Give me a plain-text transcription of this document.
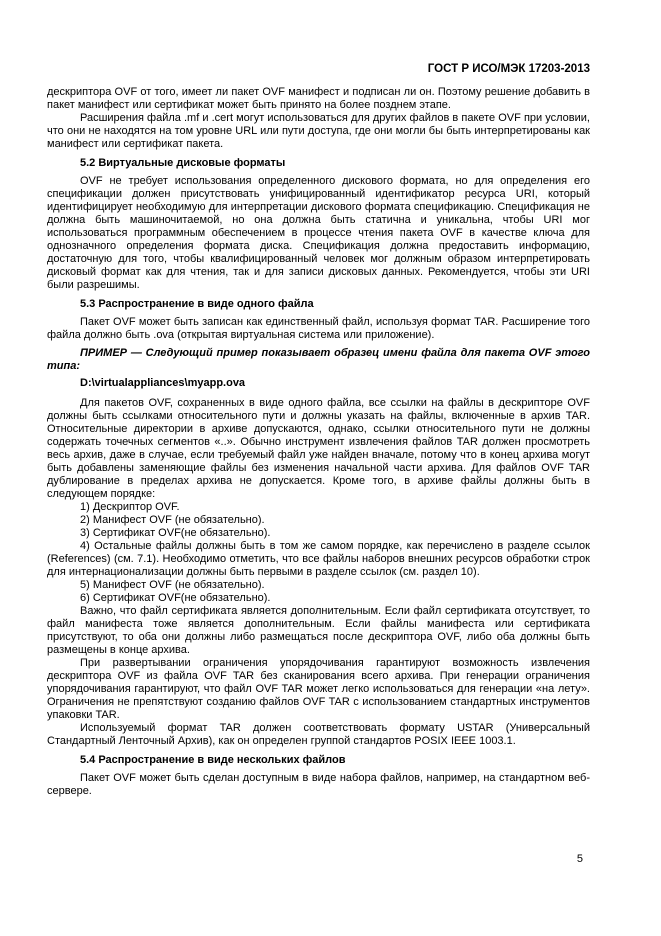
ГОСТ Р ИСО/МЭК 17203-2013

дескриптора OVF от того, имеет ли пакет OVF манифест и подписан ли он. Поэтому решение добавить в пакет манифест или сертификат может быть принято на более позднем этапе.

Расширения файла .mf и .cert могут использоваться для других файлов в пакете OVF при условии, что они не находятся на том уровне URL или пути доступа, где они могли бы быть интерпретированы как манифест или сертификат пакета.

5.2 Виртуальные дисковые форматы

OVF не требует использования определенного дискового формата, но для определения его спецификации должен присутствовать унифицированный идентификатор ресурса URI, который идентифицирует необходимую для интерпретации дискового формата спецификацию. Спецификация не должна быть машиночитаемой, но она должна быть статична и уникальна, чтобы URI мог использоваться программным обеспечением в процессе чтения пакета OVF в качестве ключа для однозначного определения формата диска. Спецификация должна предоставить информацию, достаточную для того, чтобы квалифицированный человек мог должным образом интерпретировать дисковый формат как для чтения, так и для записи дисковых данных. Рекомендуется, чтобы эти URI были разрешимы.

5.3 Распространение в виде одного файла

Пакет OVF может быть записан как единственный файл, используя формат TAR. Расширение того файла должно быть .ova (открытая виртуальная система или приложение).

ПРИМЕР — Следующий пример показывает образец имени файла для пакета OVF этого типа:

D:\virtualappliances\myapp.ova

Для пакетов OVF, сохраненных в виде одного файла, все ссылки на файлы в дескрипторе OVF должны быть ссылками относительного пути и должны указать на файлы, включенные в архив TAR. Относительные директории в архиве допускаются, однако, ссылки относительного пути не должны содержать точечных сегментов «..». Обычно инструмент извлечения файлов TAR должен просмотреть весь архив, даже в случае, если требуемый файл уже найден вначале, потому что в конец архива могут быть добавлены заменяющие файлы без изменения начальной части архива. Для файлов OVF TAR дублирование в пределах архива не допускается. Кроме того, в архиве файлы должны быть в следующем порядке:

1) Дескриптор OVF.

2) Манифест OVF (не обязательно).

3) Сертификат OVF(не обязательно).

4) Остальные файлы должны быть в том же самом порядке, как перечислено в разделе ссылок (References) (см. 7.1). Необходимо отметить, что все файлы наборов внешних ресурсов обработки строк для интернационализации должны быть первыми в разделе ссылок (см. раздел 10).

5) Манифест OVF (не обязательно).

6) Сертификат OVF(не обязательно).

Важно, что файл сертификата является дополнительным. Если файл сертификата отсутствует, то файл манифеста тоже является дополнительным. Если файлы манифеста или сертификата присутствуют, то оба они должны либо размещаться после дескриптора OVF, либо оба должны быть размещены в конце архива.

При развертывании ограничения упорядочивания гарантируют возможность извлечения дескриптора OVF из файла OVF TAR без сканирования всего архива. При генерации ограничения упорядочивания гарантируют, что файл OVF TAR может легко использоваться для генерации «на лету». Ограничения не препятствуют созданию файлов OVF TAR с использованием стандартных инструментов упаковки TAR.

Используемый формат TAR должен соответствовать формату USTAR (Универсальный Стандартный Ленточный Архив), как он определен группой стандартов POSIX IEEE 1003.1.

5.4 Распространение в виде нескольких файлов

Пакет OVF может быть сделан доступным в виде набора файлов, например, на стандартном веб-сервере.

5
